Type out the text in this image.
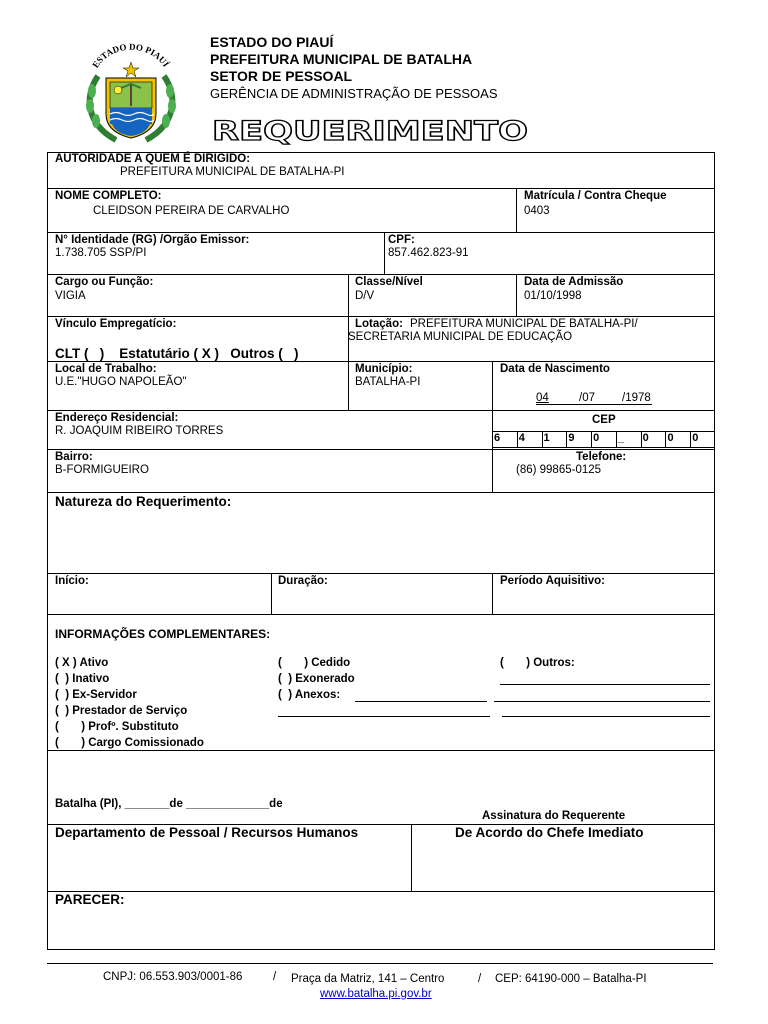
ESTADO DO PIAUÍ
ESTADO DO PIAUÍ
PREFEITURA MUNICIPAL DE BATALHA
SETOR DE PESSOAL
GERÊNCIA DE ADMINISTRAÇÃO DE PESSOAS
REQUERIMENTO
AUTORIDADE A QUEM É DIRIGIDO:
PREFEITURA MUNICIPAL DE BATALHA-PI
NOME COMPLETO:
CLEIDSON PEREIRA DE CARVALHO
Matrícula / Contra Cheque
0403
N° Identidade (RG) /Orgão Emissor:
1.738.705 SSP/PI
CPF:
857.462.823-91
Cargo ou Função:
VIGIA
Classe/Nível
D/V
Data de Admissão
01/10/1998
Vínculo Empregatício:
CLT (   )    Estatutário ( X )   Outros (   )
Lotação: PREFEITURA MUNICIPAL DE BATALHA-PI/
SECRETARIA MUNICIPAL DE EDUCAÇÃO
Local de Trabalho:
U.E."HUGO NAPOLEÃO"
Município:
BATALHA-PI
Data de Nascimento
04	/07 /1978
Endereço Residencial:
R. JOAQUIM RIBEIRO TORRES
CEP
6	4	1	9	0	_	0	0	0
Bairro:
B-FORMIGUEIRO
Telefone:
(86) 99865-0125
Natureza do Requerimento:
Início:	Duração:	Período Aquisitivo:
INFORMAÇÕES COMPLEMENTARES:
( X ) Ativo
(  ) Inativo
(  ) Ex-Servidor
(  ) Prestador de Serviço
(       ) Profº. Substituto
(       ) Cargo Comissionado
(       ) Cedido
(  ) Exonerado
(  ) Anexos:
(       ) Outros:
Batalha (PI), _______de _____________de
Assinatura do Requerente
Departamento de Pessoal / Recursos Humanos	De Acordo do Chefe Imediato
PARECER:
CNPJ: 06.553.903/0001-86	/ Praça da Matriz, 141 – Centro	/ CEP: 64190-000 – Batalha-PI
www.batalha.pi.gov.br
